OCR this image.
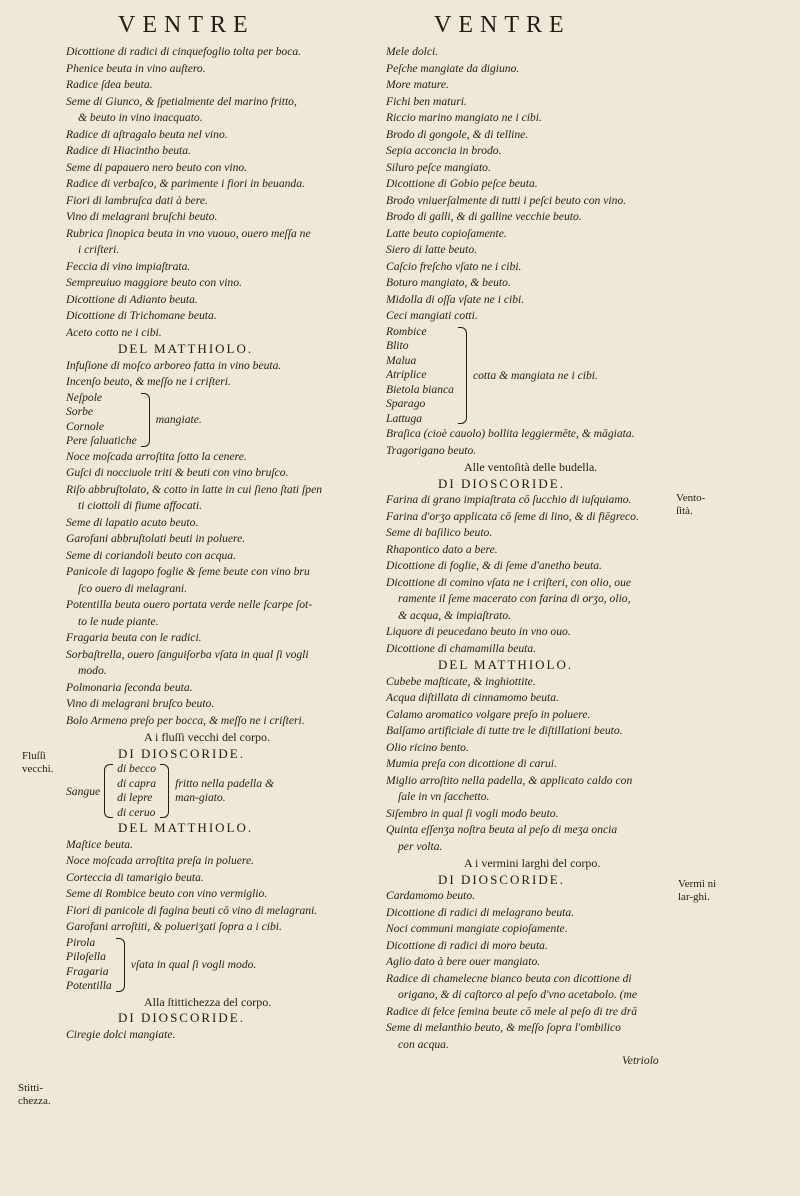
VENTRE	VENTRE
Dicottione di radici di cinquefoglio tolta per boca.
Phenice beuta in vino auſtero.
Radice ſdea beuta.
Seme di Giunco, & ſpetialmente del marino fritto,
& beuto in vino inacquato.
Radice di aſtragalo beuta nel vino.
Radice di Hiacintho beuta.
Seme di papauero nero beuto con vino.
Radice di verbaſco, & parimente i fiori in beuanda.
Fiori di lambruſca dati à bere.
Vino di melagrani bruſchi beuto.
Rubrica ſinopica beuta in vno vuouo, ouero meſſa ne
i criſteri.
Feccia di vino impiaſtrata.
Sempreuiuo maggiore beuto con vino.
Dicottione di Adianto beuta.
Dicottione di Trichomane beuta.
Aceto cotto ne i cibi.
DEL MATTHIOLO.
Infuſione di moſco arboreo fatta in vino beuta.
Incenſo beuto, & meſſo ne i criſteri.
Neſpole
Sorbe
Cornole
Pere ſaluatiche
mangiate.
Noce moſcada arroſtita ſotto la cenere.
Guſci di nocciuole triti & beuti con vino bruſco.
Riſo abbruſtolato, & cotto in latte in cui ſieno ſtati ſpen
ti ciottoli di fiume affocati.
Seme di lapatio acuto beuto.
Garofani abbruſtolati beuti in poluere.
Seme di coriandoli beuto con acqua.
Panicole di lagopo foglie & ſeme beute con vino bru
ſco ouero di melagrani.
Potentilla beuta ouero portata verde nelle ſcarpe ſot-
to le nude piante.
Fragaria beuta con le radici.
Sorbaſtrella, ouero ſanguiſorba vſata in qual ſi vogli
modo.
Polmonaria ſeconda beuta.
Vino di melagrani bruſco beuto.
Bolo Armeno preſo per bocca, & meſſo ne i criſteri.
A i fluſſi vecchi del corpo.
DI DIOSCORIDE.
Sangue
di becco
di capra
di lepre
di ceruo
fritto nella padella & man-giato.
DEL MATTHIOLO.
Maſtice beuta.
Noce moſcada arroſtita preſa in poluere.
Corteccia di tamarigio beuta.
Seme di Rombice beuto con vino vermiglio.
Fiori di panicole di fagina beuti cō vino di melagrani.
Garofani arroſtiti, & polueriʒati ſopra a i cibi.
Pirola
Piloſella
Fragaria
Potentilla
vſata in qual ſi vogli modo.
Alla ſtittichezza del corpo.
DI DIOSCORIDE.
Ciregie dolci mangiate.
Mele dolci.
Peſche mangiate da digiuno.
More mature.
Fichi ben maturi.
Riccio marino mangiato ne i cibi.
Brodo di gongole, & di telline.
Sepia acconcia in brodo.
Siluro peſce mangiato.
Dicottione di Gobio peſce beuta.
Brodo vniuerſalmente di tutti i peſci beuto con vino.
Brodo di galli, & di galline vecchie beuto.
Latte beuto copioſamente.
Siero di latte beuto.
Caſcio freſcho vſato ne i cibi.
Boturo mangiato, & beuto.
Midolla di oſſa vſate ne i cibi.
Ceci mangiati cotti.
Rombice
Blito
Malua
Atriplice
Bietola bianca
Sparago
Lattuga
cotta & mangiata ne i cibi.
Braſica (cioè cauolo) bollita leggiermēte, & māgiata.
Tragorigano beuto.
Alle ventoſità delle budella.
DI DIOSCORIDE.
Farina di grano impiaſtrata cō ſucchio di iuſquiamo.
Farina d'orʒo applicata cō ſeme di lino, & di fiēgreco.
Seme di baſilico beuto.
Rhapontico dato a bere.
Dicottione di foglie, & di ſeme d'anetho beuta.
Dicottione di comino vſata ne i criſteri, con olio, oue
ramente il ſeme macerato con farina di orʒo, olio,
& acqua, & impiaſtrato.
Liquore di peucedano beuto in vno ouo.
Dicottione di chamamilla beuta.
DEL MATTHIOLO.
Cubebe maſticate, & inghiottite.
Acqua diſtillata di cinnamomo beuta.
Calamo aromatico volgare preſo in poluere.
Balſamo artificiale di tutte tre le diſtillationi beuto.
Olio ricino bento.
Mumia preſa con dicottione di carui.
Miglio arroſtito nella padella, & applicato caldo con
ſale in vn ſacchetto.
Siſembro in qual ſi vogli modo beuto.
Quinta eſſenʒa noſtra beuta al peſo di meʒa oncia
per volta.
A i vermini larghi del corpo.
DI DIOSCORIDE.
Cardamomo beuto.
Dicottione di radici di melagrano beuta.
Noci communi mangiate copioſamente.
Dicottione di radici di moro beuta.
Aglio dato à bere ouer mangiato.
Radice di chamelecne bianco beuta con dicottione di
origano, & di caſtorco al peſo d'vno acetabolo. (me
Radice di felce ſemina beute cō mele al peſo di tre drā
Seme di melanthio beuto, & meſſo ſopra l'ombilico
con acqua.
Vetriolo
Fluſſi vecchi.
Stitti-chezza.
Vento-ſità.
Vermi ni lar-ghi.
